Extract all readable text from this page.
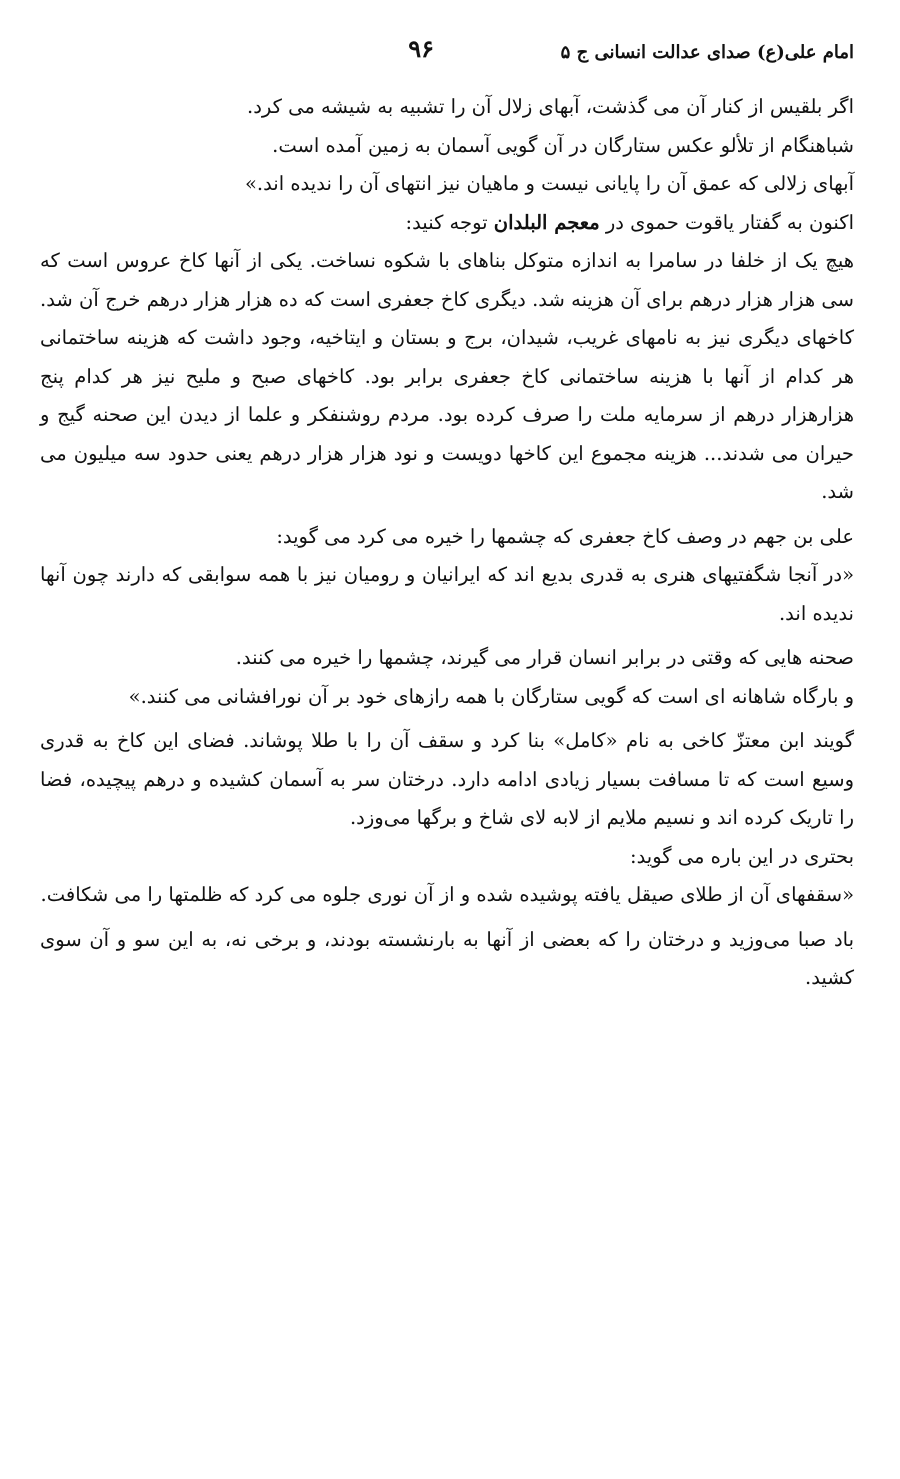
امام علی(ع) صدای عدالت انسانی ج ۵
۹۶

اگر بلقیس از کنار آن می گذشت، آبهای زلال آن را تشبیه به شیشه می کرد.

شباهنگام از تلألو عکس ستارگان در آن گویی آسمان به زمین آمده است.

آبهای زلالی که عمق آن را پایانی نیست و ماهیان نیز انتهای آن را ندیده اند.»

اکنون به گفتار یاقوت حموی در معجم البلدان توجه کنید:

هیچ یک از خلفا در سامرا به اندازه متوکل بناهای با شکوه نساخت. یکی از آنها کاخ عروس است که سی هزار هزار درهم برای آن هزینه شد. دیگری کاخ جعفری است که ده هزار هزار درهم خرج آن شد. کاخهای دیگری نیز به نامهای غریب، شیدان، برج و بستان و ایتاخیه، وجود داشت که هزینه ساختمانی هر کدام از آنها با هزینه ساختمانی کاخ جعفری برابر بود. کاخهای صبح و ملیح نیز هر کدام پنج هزارهزار درهم از سرمایه ملت را صرف کرده بود. مردم روشنفکر و علما از دیدن این صحنه گیج و حیران می شدند... هزینه مجموع این کاخها دویست و نود هزار هزار درهم یعنی حدود سه میلیون می شد.

علی بن جهم در وصف کاخ جعفری که چشمها را خیره می کرد می گوید:

«در آنجا شگفتیهای هنری به قدری بدیع اند که ایرانیان و رومیان نیز با همه سوابقی که دارند چون آنها ندیده اند.

صحنه هایی که وقتی در برابر انسان قرار می گیرند، چشمها را خیره می کنند.

و بارگاه شاهانه ای است که گویی ستارگان با همه رازهای خود بر آن نورافشانی می کنند.»

گویند ابن معتزّ کاخی به نام «کامل» بنا کرد و سقف آن را با طلا پوشاند. فضای این کاخ به قدری وسیع است که تا مسافت بسیار زیادی ادامه دارد. درختان سر به آسمان کشیده و درهم پیچیده، فضا را تاریک کرده اند و نسیم ملایم از لابه لای شاخ و برگها می‌وزد.

بحتری در این باره می گوید:

«سقفهای آن از طلای صیقل یافته پوشیده شده و از آن نوری جلوه می کرد که ظلمتها را می شکافت.

باد صبا می‌وزید و درختان را که بعضی از آنها به بارنشسته بودند، و برخی نه، به این سو و آن سوی کشید.
